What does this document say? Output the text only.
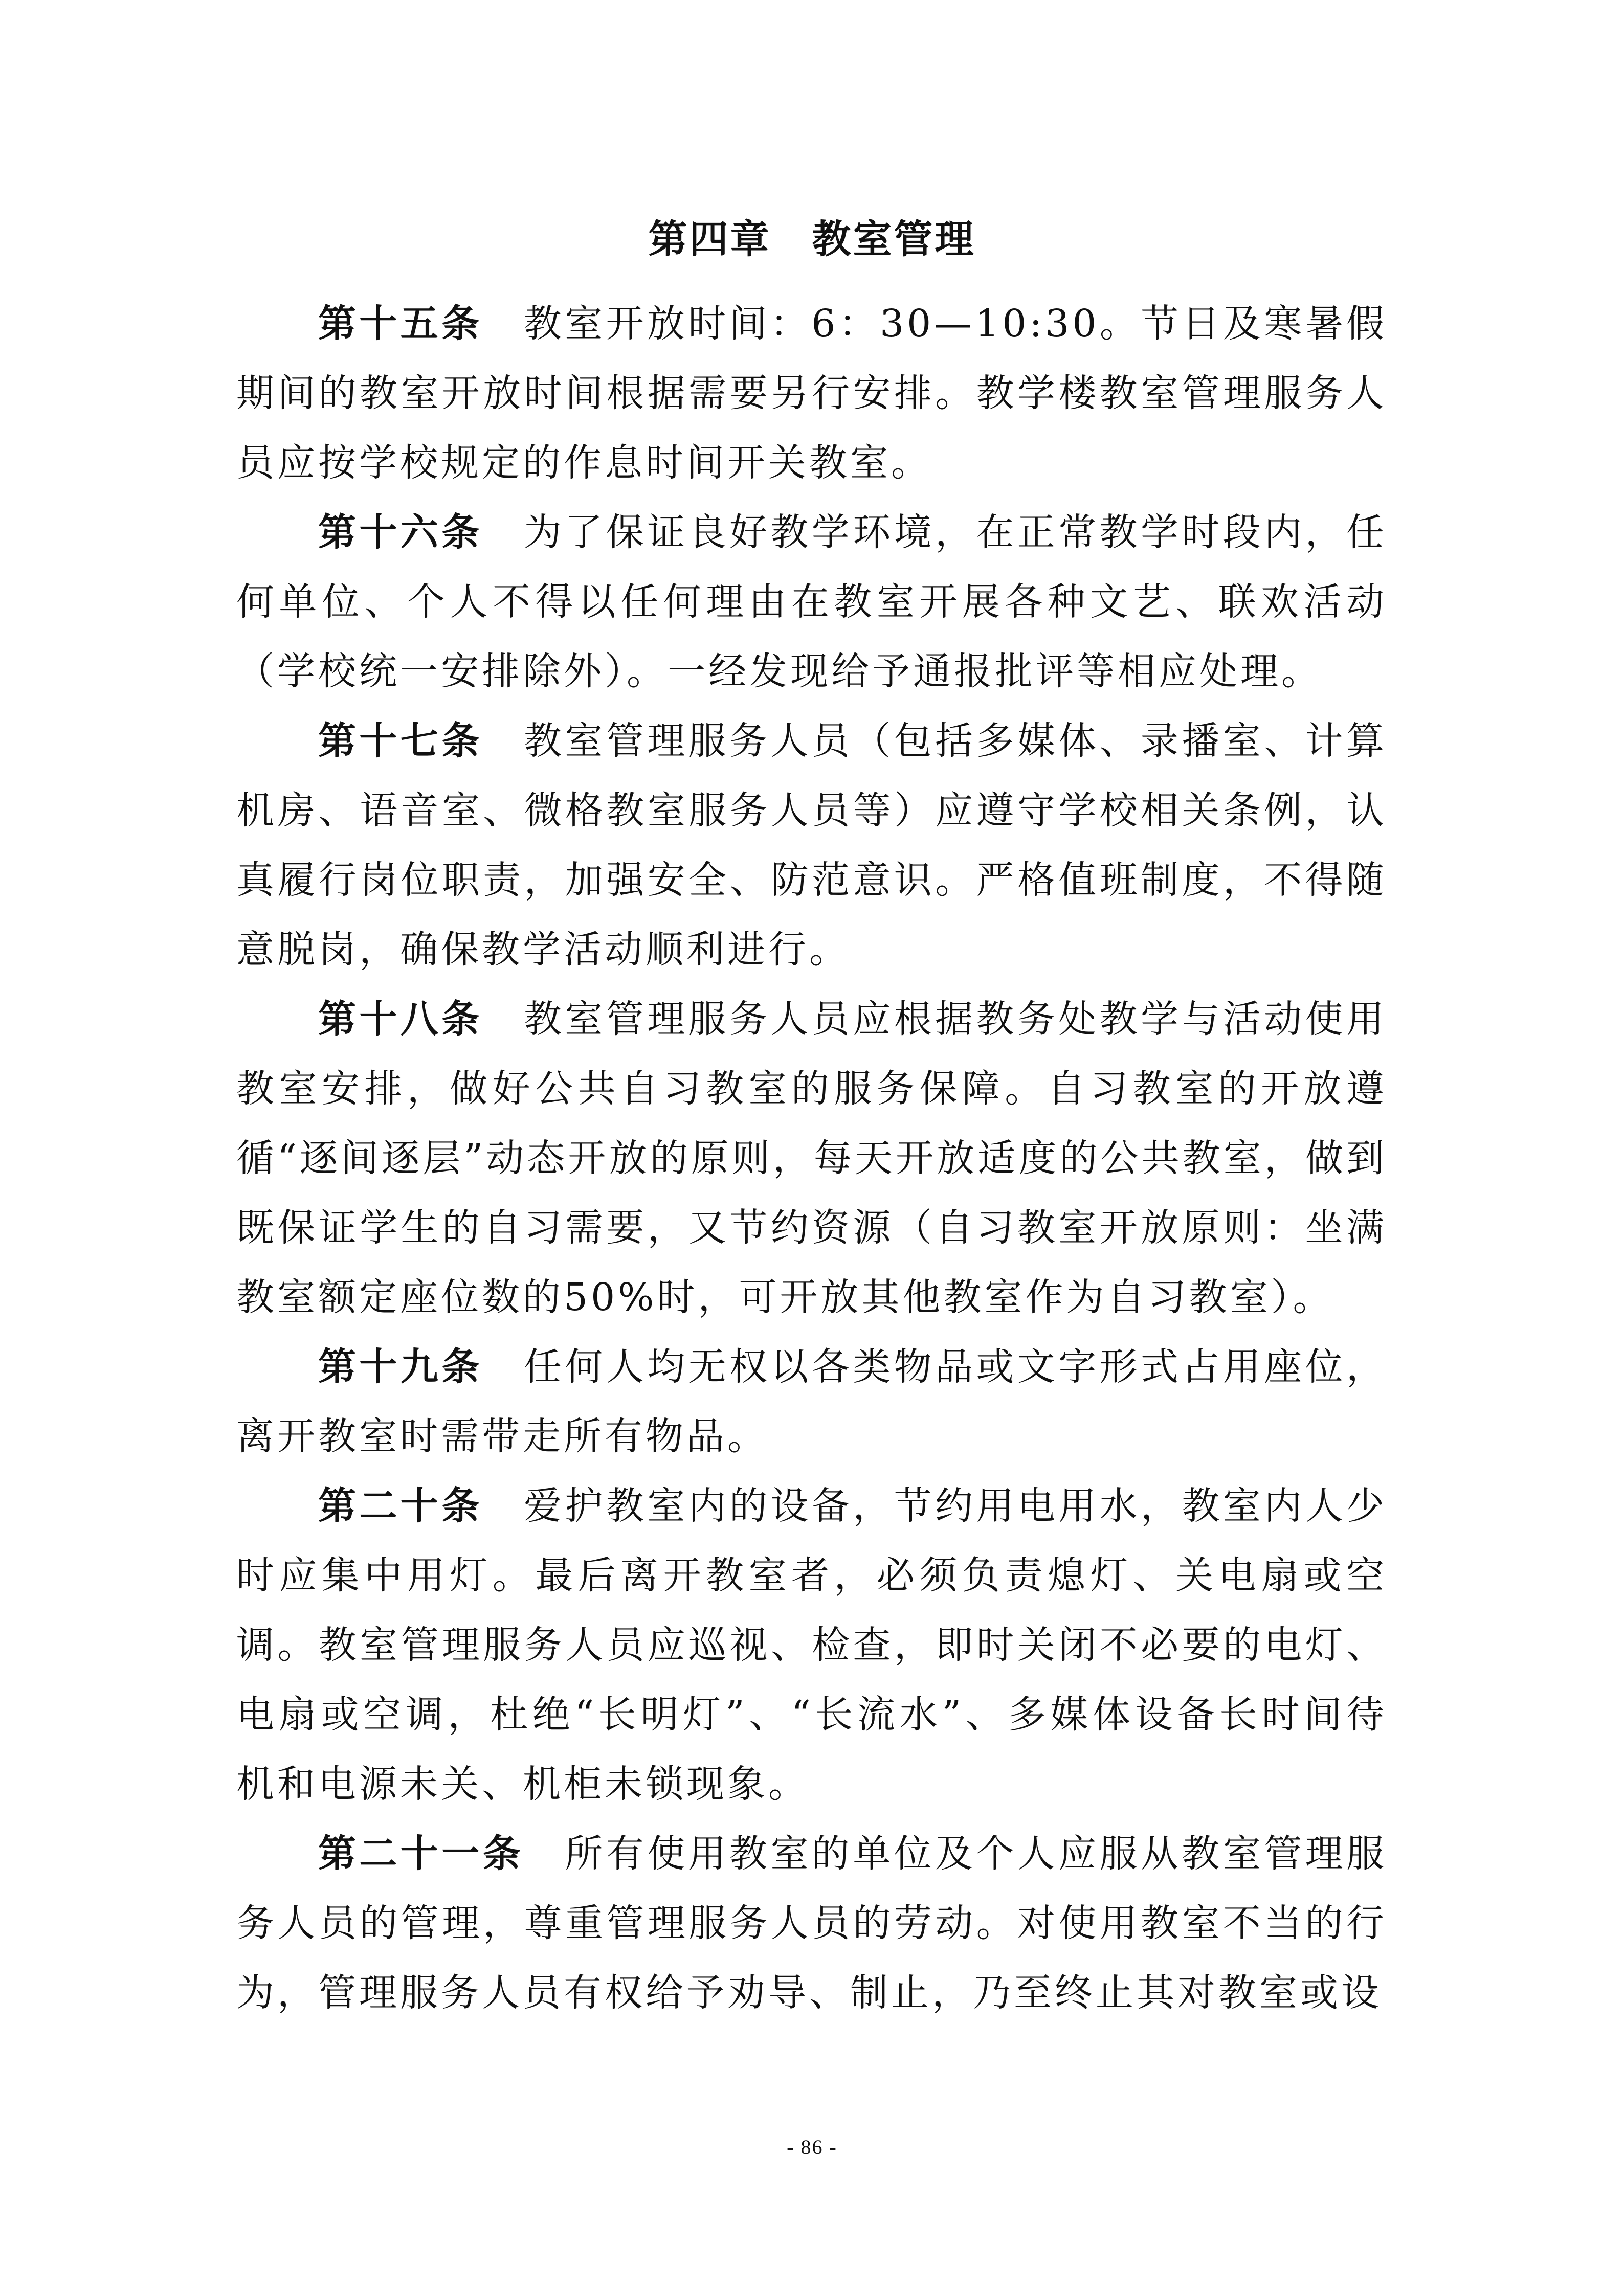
第四章　教室管理

第十五条 教室开放时间：6：30—10:30。节日及寒暑假期间的教室开放时间根据需要另行安排。教学楼教室管理服务人员应按学校规定的作息时间开关教室。

第十六条 为了保证良好教学环境，在正常教学时段内，任何单位、个人不得以任何理由在教室开展各种文艺、联欢活动（学校统一安排除外）。一经发现给予通报批评等相应处理。

第十七条 教室管理服务人员（包括多媒体、录播室、计算机房、语音室、微格教室服务人员等）应遵守学校相关条例，认真履行岗位职责，加强安全、防范意识。严格值班制度，不得随意脱岗，确保教学活动顺利进行。

第十八条 教室管理服务人员应根据教务处教学与活动使用教室安排，做好公共自习教室的服务保障。自习教室的开放遵循“逐间逐层”动态开放的原则，每天开放适度的公共教室，做到既保证学生的自习需要，又节约资源（自习教室开放原则：坐满教室额定座位数的50%时，可开放其他教室作为自习教室）。

第十九条 任何人均无权以各类物品或文字形式占用座位，离开教室时需带走所有物品。

第二十条 爱护教室内的设备，节约用电用水，教室内人少时应集中用灯。最后离开教室者，必须负责熄灯、关电扇或空调。教室管理服务人员应巡视、检查，即时关闭不必要的电灯、电扇或空调，杜绝“长明灯”、“长流水”、多媒体设备长时间待机和电源未关、机柜未锁现象。

第二十一条 所有使用教室的单位及个人应服从教室管理服务人员的管理，尊重管理服务人员的劳动。对使用教室不当的行为，管理服务人员有权给予劝导、制止，乃至终止其对教室或设

- 86 -
